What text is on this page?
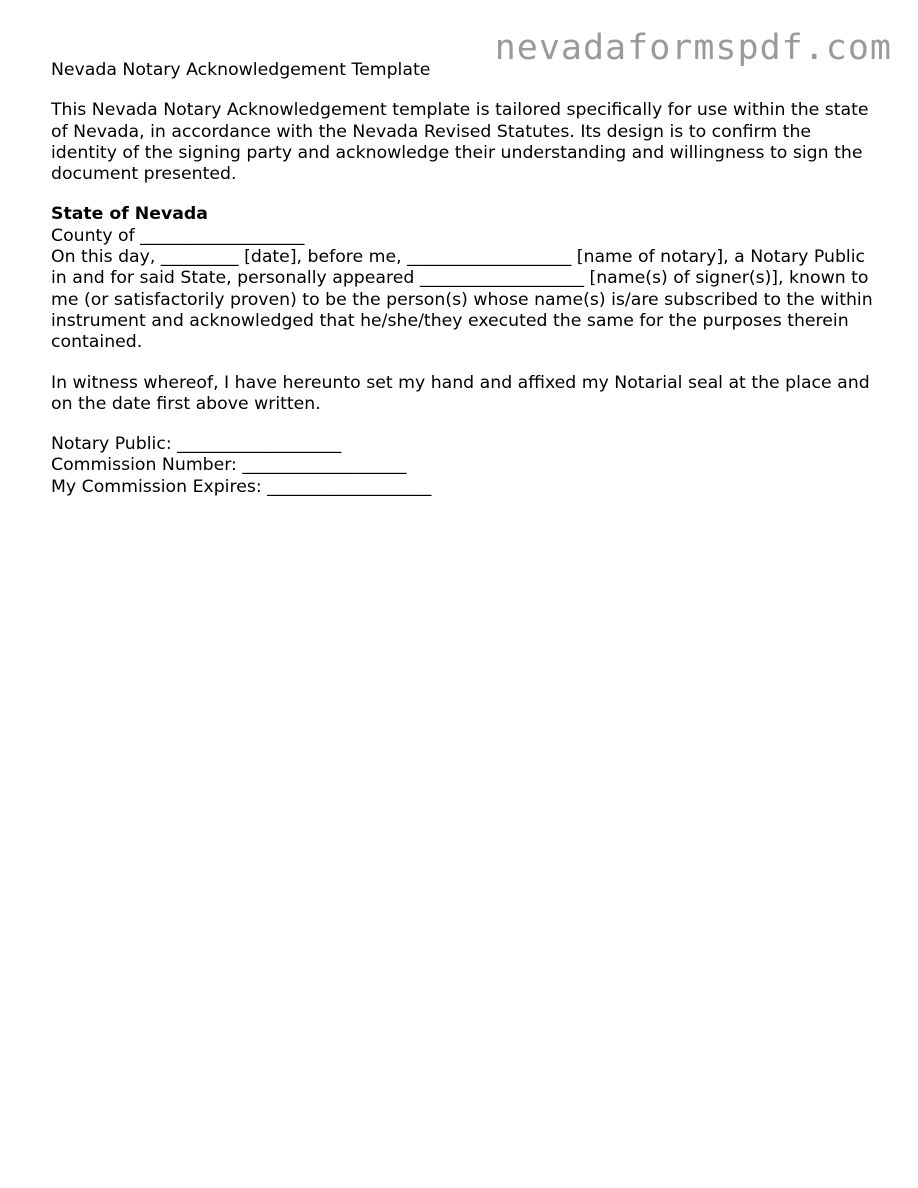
nevadaformspdf.com
Nevada Notary Acknowledgement Template
This Nevada Notary Acknowledgement template is tailored specifically for use within the state of Nevada, in accordance with the Nevada Revised Statutes. Its design is to confirm the identity of the signing party and acknowledge their understanding and willingness to sign the document presented.
State of Nevada
County of ___________________
On this day, _________ [date], before me, ___________________ [name of notary], a Notary Public in and for said State, personally appeared ___________________ [name(s) of signer(s)], known to me (or satisfactorily proven) to be the person(s) whose name(s) is/are subscribed to the within instrument and acknowledged that he/she/they executed the same for the purposes therein contained.
In witness whereof, I have hereunto set my hand and affixed my Notarial seal at the place and on the date first above written.
Notary Public: ___________________
Commission Number: ___________________
My Commission Expires: ___________________
